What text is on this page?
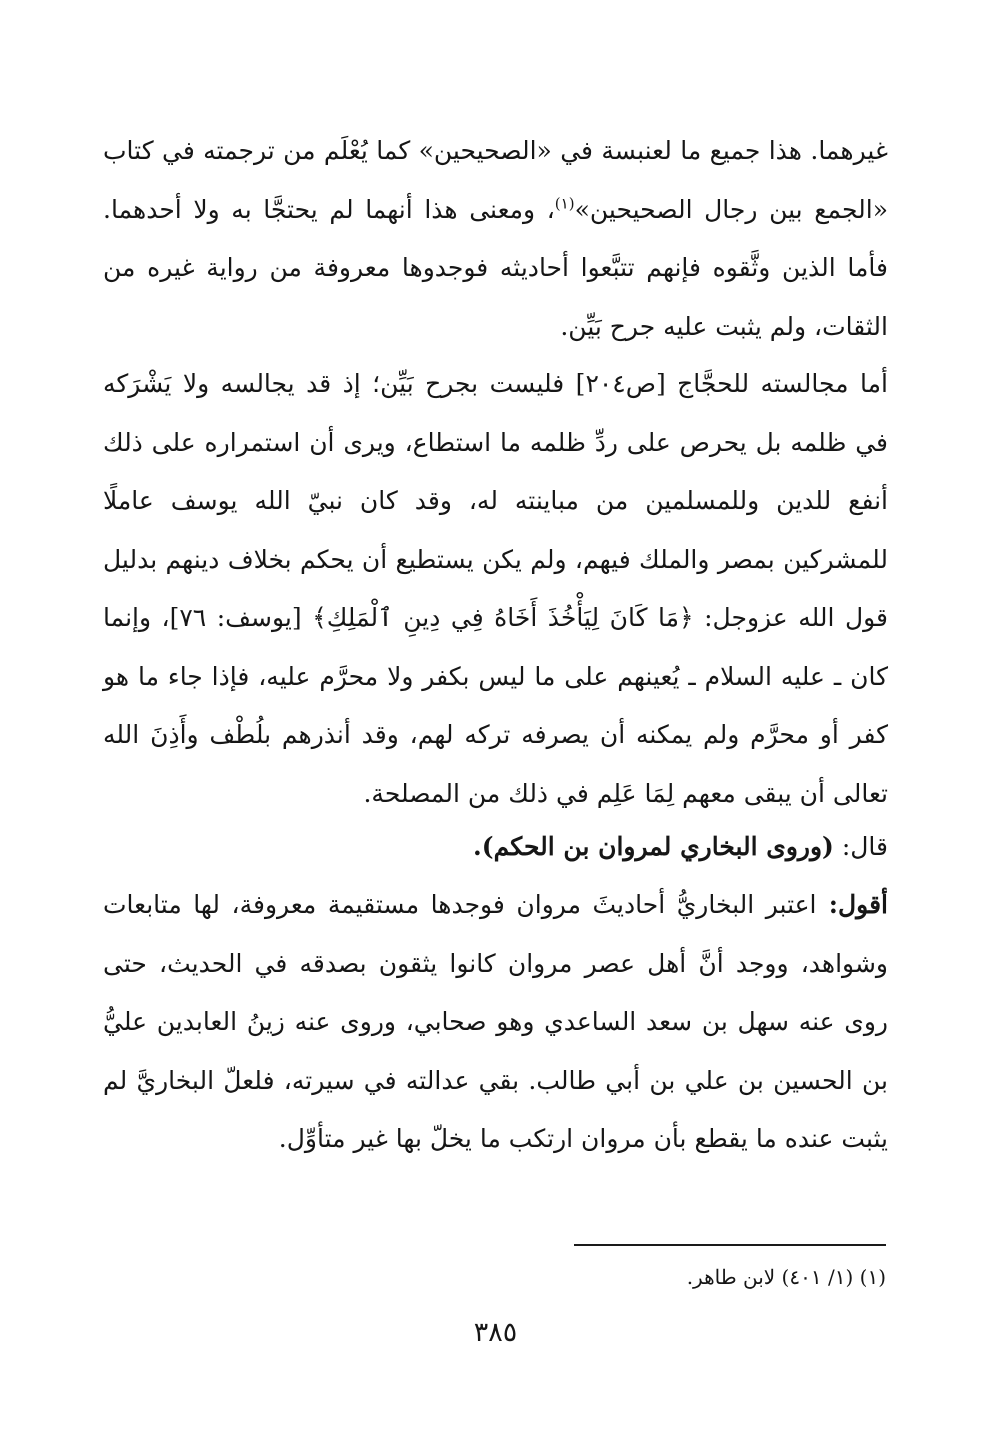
غيرهما. هذا جميع ما لعنبسة في «الصحيحين» كما يُعْلَم من ترجمته في كتاب «الجمع بين رجال الصحيحين»$^{(١)}$، ومعنى هذا أنهما لم يحتجَّا به ولا أحدهما. فأما الذين وثَّقوه فإنهم تتبَّعوا أحاديثه فوجدوها معروفة من رواية غيره من الثقات، ولم يثبت عليه جرح بَيِّن.
أما مجالسته للحجَّاج [ص٢٠٤] فليست بجرح بَيِّن؛ إذ قد يجالسه ولا يَشْرَكه في ظلمه بل يحرص على ردِّ ظلمه ما استطاع، ويرى أن استمراره على ذلك أنفع للدين وللمسلمين من مباينته له، وقد كان نبيّ الله يوسف عاملًا للمشركين بمصر والملك فيهم، ولم يكن يستطيع أن يحكم بخلاف دينهم بدليل قول الله عزوجل: ﴿مَا كَانَ لِيَأْخُذَ أَخَاهُ فِي دِينِ ٱلْمَلِكِ﴾ [يوسف: ٧٦]، وإنما كان ـ عليه السلام ـ يُعينهم على ما ليس بكفر ولا محرَّم عليه، فإذا جاء ما هو كفر أو محرَّم ولم يمكنه أن يصرفه تركه لهم، وقد أنذرهم بلُطْف وأَذِنَ الله تعالى أن يبقى معهم لِمَا عَلِم في ذلك من المصلحة.
قال: (وروى البخاري لمروان بن الحكم).
أقول: اعتبر البخاريُّ أحاديثَ مروان فوجدها مستقيمة معروفة، لها متابعات وشواهد، ووجد أنَّ أهل عصر مروان كانوا يثقون بصدقه في الحديث، حتى روى عنه سهل بن سعد الساعدي وهو صحابي، وروى عنه زينُ العابدين عليُّ بن الحسين بن علي بن أبي طالب. بقي عدالته في سيرته، فلعلّ البخاريَّ لم يثبت عنده ما يقطع بأن مروان ارتكب ما يخلّ بها غير متأوِّل.
(١) (١/ ٤٠١) لابن طاهر.
٣٨٥
